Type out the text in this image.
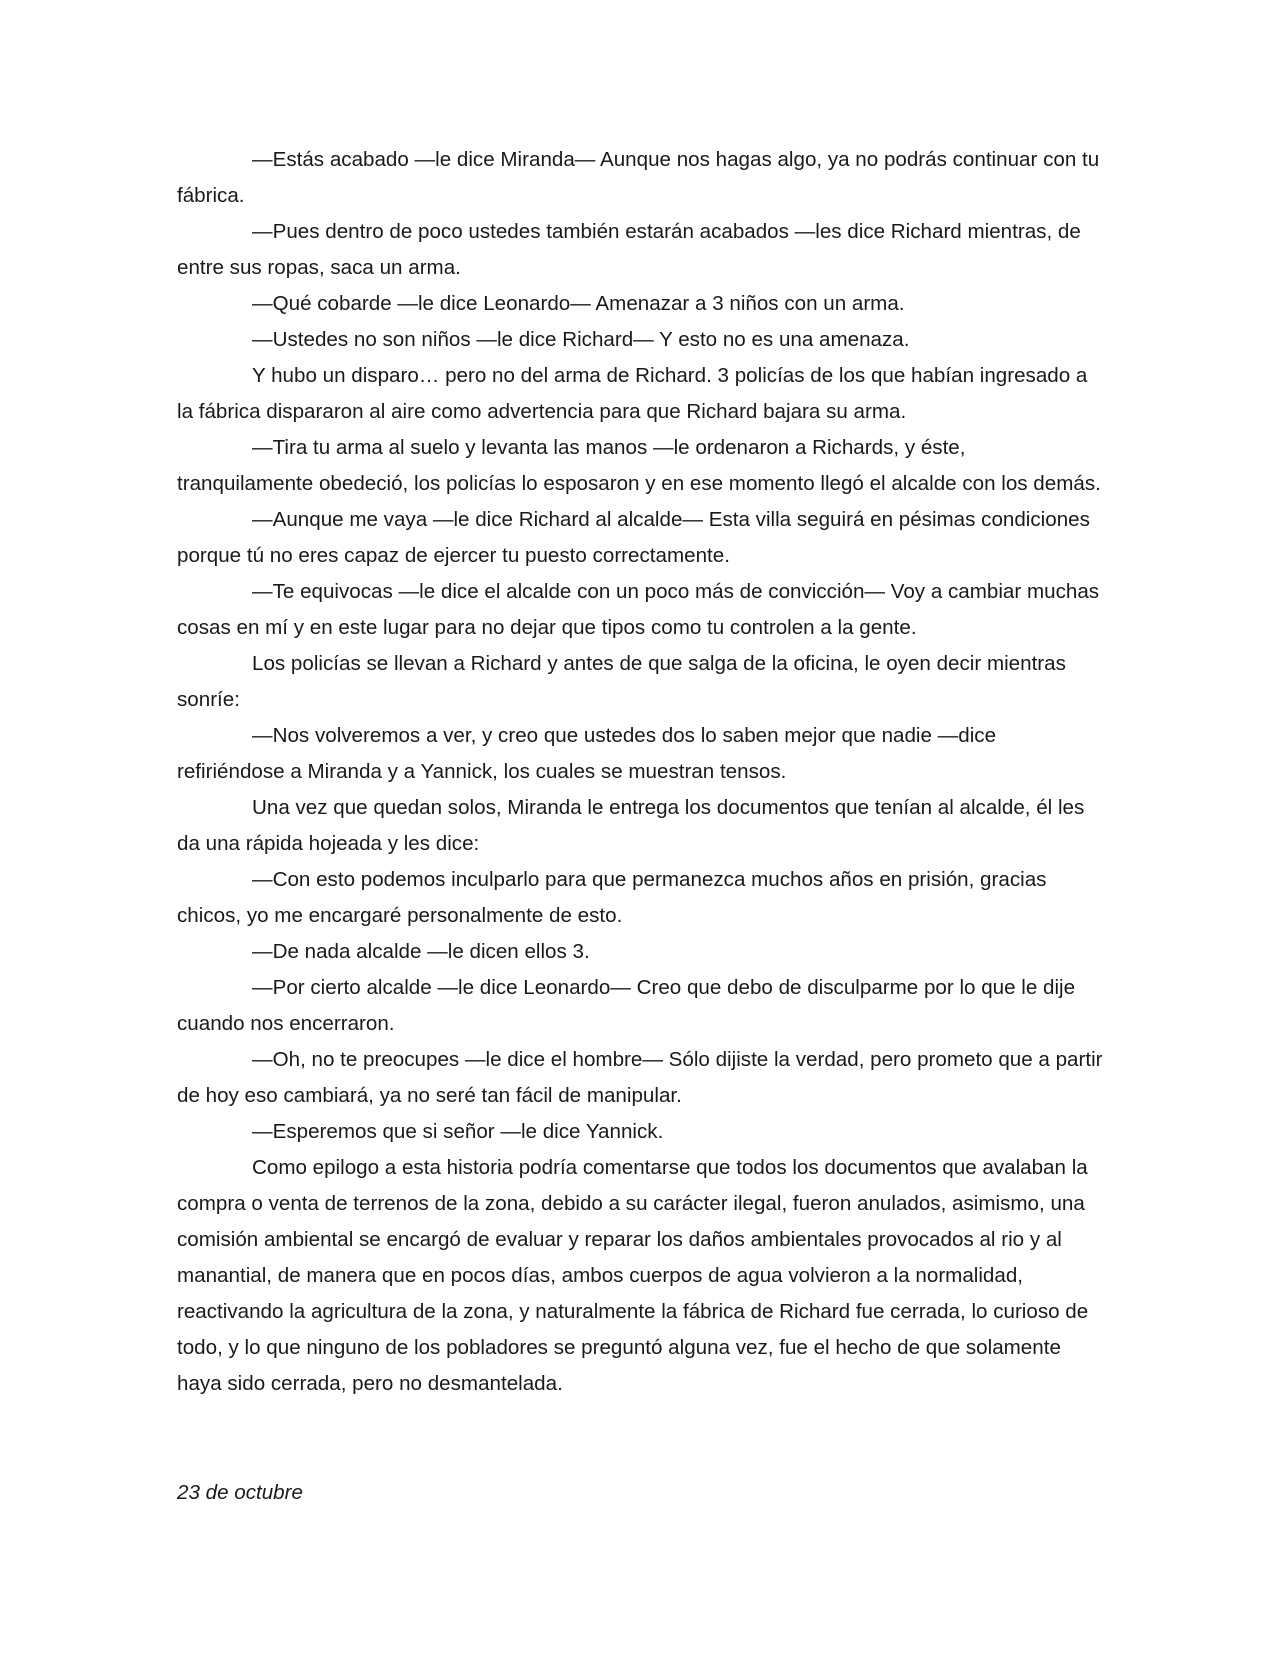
—Estás acabado —le dice Miranda— Aunque nos hagas algo, ya no podrás continuar con tu fábrica.

—Pues dentro de poco ustedes también estarán acabados —les dice Richard mientras, de entre sus ropas, saca un arma.

—Qué cobarde —le dice Leonardo— Amenazar a 3 niños con un arma.

—Ustedes no son niños —le dice Richard— Y esto no es una amenaza.

Y hubo un disparo… pero no del arma de Richard. 3 policías de los que habían ingresado a la fábrica dispararon al aire como advertencia para que Richard bajara su arma.

—Tira tu arma al suelo y levanta las manos —le ordenaron a Richards, y éste, tranquilamente obedeció, los policías lo esposaron y en ese momento llegó el alcalde con los demás.

—Aunque me vaya —le dice Richard al alcalde— Esta villa seguirá en pésimas condiciones porque tú no eres capaz de ejercer tu puesto correctamente.

—Te equivocas —le dice el alcalde con un poco más de convicción— Voy a cambiar muchas cosas en mí y en este lugar para no dejar que tipos como tu controlen a la gente.

Los policías se llevan a Richard y antes de que salga de la oficina, le oyen decir mientras sonríe:

—Nos volveremos a ver, y creo que ustedes dos lo saben mejor que nadie —dice refiriéndose a Miranda y a Yannick, los cuales se muestran tensos.

Una vez que quedan solos, Miranda le entrega los documentos que tenían al alcalde, él les da una rápida hojeada y les dice:

—Con esto podemos inculparlo para que permanezca muchos años en prisión, gracias chicos, yo me encargaré personalmente de esto.

—De nada alcalde —le dicen ellos 3.

—Por cierto alcalde —le dice Leonardo— Creo que debo de disculparme por lo que le dije cuando nos encerraron.

—Oh, no te preocupes —le dice el hombre— Sólo dijiste la verdad, pero prometo que a partir de hoy eso cambiará, ya no seré tan fácil de manipular.

—Esperemos que si señor —le dice Yannick.

Como epilogo a esta historia podría comentarse que todos los documentos que avalaban la compra o venta de terrenos de la zona, debido a su carácter ilegal, fueron anulados, asimismo, una comisión ambiental se encargó de evaluar y reparar los daños ambientales provocados al rio y al manantial, de manera que en pocos días, ambos cuerpos de agua volvieron a la normalidad, reactivando la agricultura de la zona, y naturalmente la fábrica de Richard fue cerrada, lo curioso de todo, y lo que ninguno de los pobladores se preguntó alguna vez, fue el hecho de que solamente haya sido cerrada, pero no desmantelada.

23 de octubre
